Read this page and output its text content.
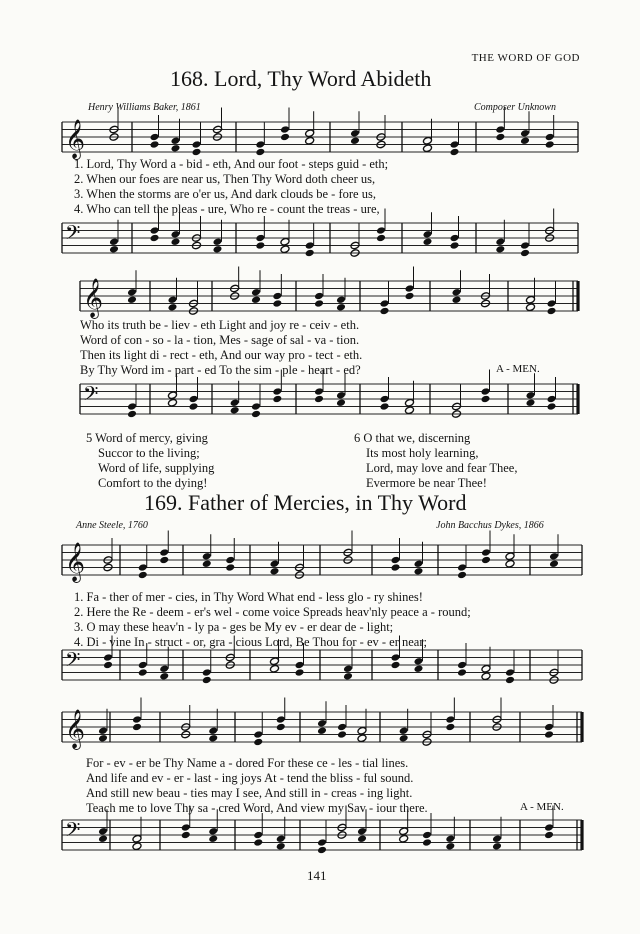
THE WORD OF GOD
168. Lord, Thy Word Abideth
Henry Williams Baker, 1861	Composer Unknown
𝄞
𝄢
𝄞
𝄢
𝄞
𝄢
𝄞
𝄢
1. Lord, Thy Word a - bid - eth, And our foot - steps guid - eth;
2. When our foes are near us, Then Thy Word doth cheer us,
3. When the storms are o'er us, And dark clouds be - fore us,
4. Who can tell the pleas - ure, Who re - count the treas - ure,
Who its truth be - liev - eth Light and joy re - ceiv - eth.
Word of con - so - la - tion, Mes - sage of sal - va - tion.
Then its light di - rect - eth, And our way pro - tect - eth.
By Thy Word im - part - ed To the sim - ple - heart - ed?	A - MEN.
5 Word of mercy, giving
Succor to the living;
Word of life, supplying
Comfort to the dying!
6 O that we, discerning
Its most holy learning,
Lord, may love and fear Thee,
Evermore be near Thee!
169. Father of Mercies, in Thy Word
Anne Steele, 1760	John Bacchus Dykes, 1866
1. Fa - ther of mer - cies, in Thy Word What end - less glo - ry shines!
2. Here the Re - deem - er's wel - come voice Spreads heav'nly peace a - round;
3. O may these heav'n - ly pa - ges be My ev - er dear de - light;
4. Di - vine In - struct - or, gra - cious Lord, Be Thou for - ev - er near;
For - ev - er be Thy Name a - dored For these ce - les - tial lines.
And life and ev - er - last - ing joys At - tend the bliss - ful sound.
And still new beau - ties may I see, And still in - creas - ing light.
Teach me to love Thy sa - cred Word, And view my Sav - iour there.	A - MEN.
141
